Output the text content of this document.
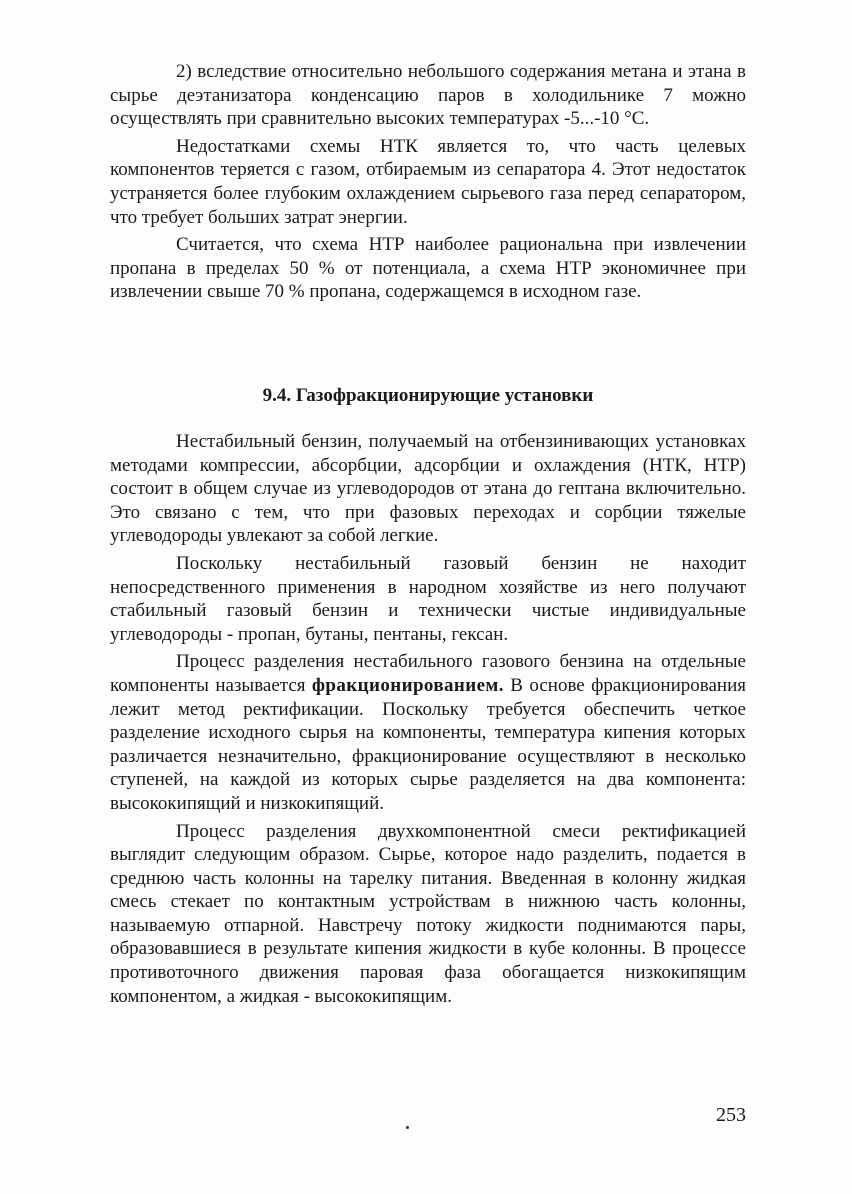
2) вследствие относительно небольшого содержания метана и этана в сырье деэтанизатора конденсацию паров в холодильнике 7 можно осуществлять при сравнительно высоких температурах -5...-10 °С.

Недостатками схемы НТК является то, что часть целевых компонентов теряется с газом, отбираемым из сепаратора 4. Этот недостаток устраняется более глубоким охлаждением сырьевого газа перед сепаратором, что требует больших затрат энергии.

Считается, что схема НТР наиболее рациональна при извлечении пропана в пределах 50 % от потенциала, а схема НТР экономичнее при извлечении свыше 70 % пропана, содержащемся в исходном газе.

9.4. Газофракционирующие установки

Нестабильный бензин, получаемый на отбензинивающих установках методами компрессии, абсорбции, адсорбции и охлаждения (НТК, НТР) состоит в общем случае из углеводородов от этана до гептана включительно. Это связано с тем, что при фазовых переходах и сорбции тяжелые углеводороды увлекают за собой легкие.

Поскольку нестабильный газовый бензин не находит непосредственного применения в народном хозяйстве из него получают стабильный газовый бензин и технически чистые индивидуальные углеводороды - пропан, бутаны, пентаны, гексан.

Процесс разделения нестабильного газового бензина на отдельные компоненты называется фракционированием. В основе фракционирования лежит метод ректификации. Поскольку требуется обеспечить четкое разделение исходного сырья на компоненты, температура кипения которых различается незначительно, фракционирование осуществляют в несколько ступеней, на каждой из которых сырье разделяется на два компонента: высококипящий и низкокипящий.

Процесс разделения двухкомпонентной смеси ректификацией выглядит следующим образом. Сырье, которое надо разделить, подается в среднюю часть колонны на тарелку питания. Введенная в колонну жидкая смесь стекает по контактным устройствам в нижнюю часть колонны, называемую отпарной. Навстречу потоку жидкости поднимаются пары, образовавшиеся в результате кипения жидкости в кубе колонны. В процессе противоточного движения паровая фаза обогащается низкокипящим компонентом, а жидкая - высококипящим.

253
